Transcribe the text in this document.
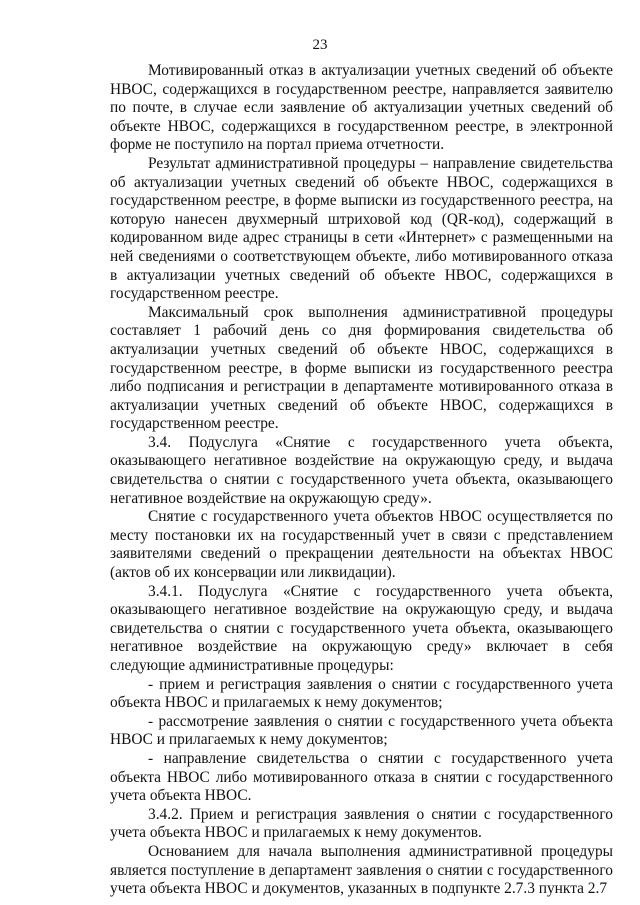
23

Мотивированный отказ в актуализации учетных сведений об объекте НВОС, содержащихся в государственном реестре, направляется заявителю по почте, в случае если заявление об актуализации учетных сведений об объекте НВОС, содержащихся в государственном реестре, в электронной форме не поступило на портал приема отчетности.

Результат административной процедуры – направление свидетельства об актуализации учетных сведений об объекте НВОС, содержащихся в государственном реестре, в форме выписки из государственного реестра, на которую нанесен двухмерный штриховой код (QR-код), содержащий в кодированном виде адрес страницы в сети «Интернет» с размещенными на ней сведениями о соответствующем объекте, либо мотивированного отказа в актуализации учетных сведений об объекте НВОС, содержащихся в государственном реестре.

Максимальный срок выполнения административной процедуры составляет 1 рабочий день со дня формирования свидетельства об актуализации учетных сведений об объекте НВОС, содержащихся в государственном реестре, в форме выписки из государственного реестра либо подписания и регистрации в департаменте мотивированного отказа в актуализации учетных сведений об объекте НВОС, содержащихся в государственном реестре.

3.4. Подуслуга «Снятие с государственного учета объекта, оказывающего негативное воздействие на окружающую среду, и выдача свидетельства о снятии с государственного учета объекта, оказывающего негативное воздействие на окружающую среду».

Снятие с государственного учета объектов НВОС осуществляется по месту постановки их на государственный учет в связи с представлением заявителями сведений о прекращении деятельности на объектах НВОС (актов об их консервации или ликвидации).

3.4.1. Подуслуга «Снятие с государственного учета объекта, оказывающего негативное воздействие на окружающую среду, и выдача свидетельства о снятии с государственного учета объекта, оказывающего негативное воздействие на окружающую среду» включает в себя следующие административные процедуры:

- прием и регистрация заявления о снятии с государственного учета объекта НВОС и прилагаемых к нему документов;

- рассмотрение заявления о снятии с государственного учета объекта НВОС и прилагаемых к нему документов;

- направление свидетельства о снятии с государственного учета объекта НВОС либо мотивированного отказа в снятии с государственного учета объекта НВОС.

3.4.2. Прием и регистрация заявления о снятии с государственного учета объекта НВОС и прилагаемых к нему документов.

Основанием для начала выполнения административной процедуры является поступление в департамент заявления о снятии с государственного учета объекта НВОС и документов, указанных в подпункте 2.7.3 пункта 2.7
